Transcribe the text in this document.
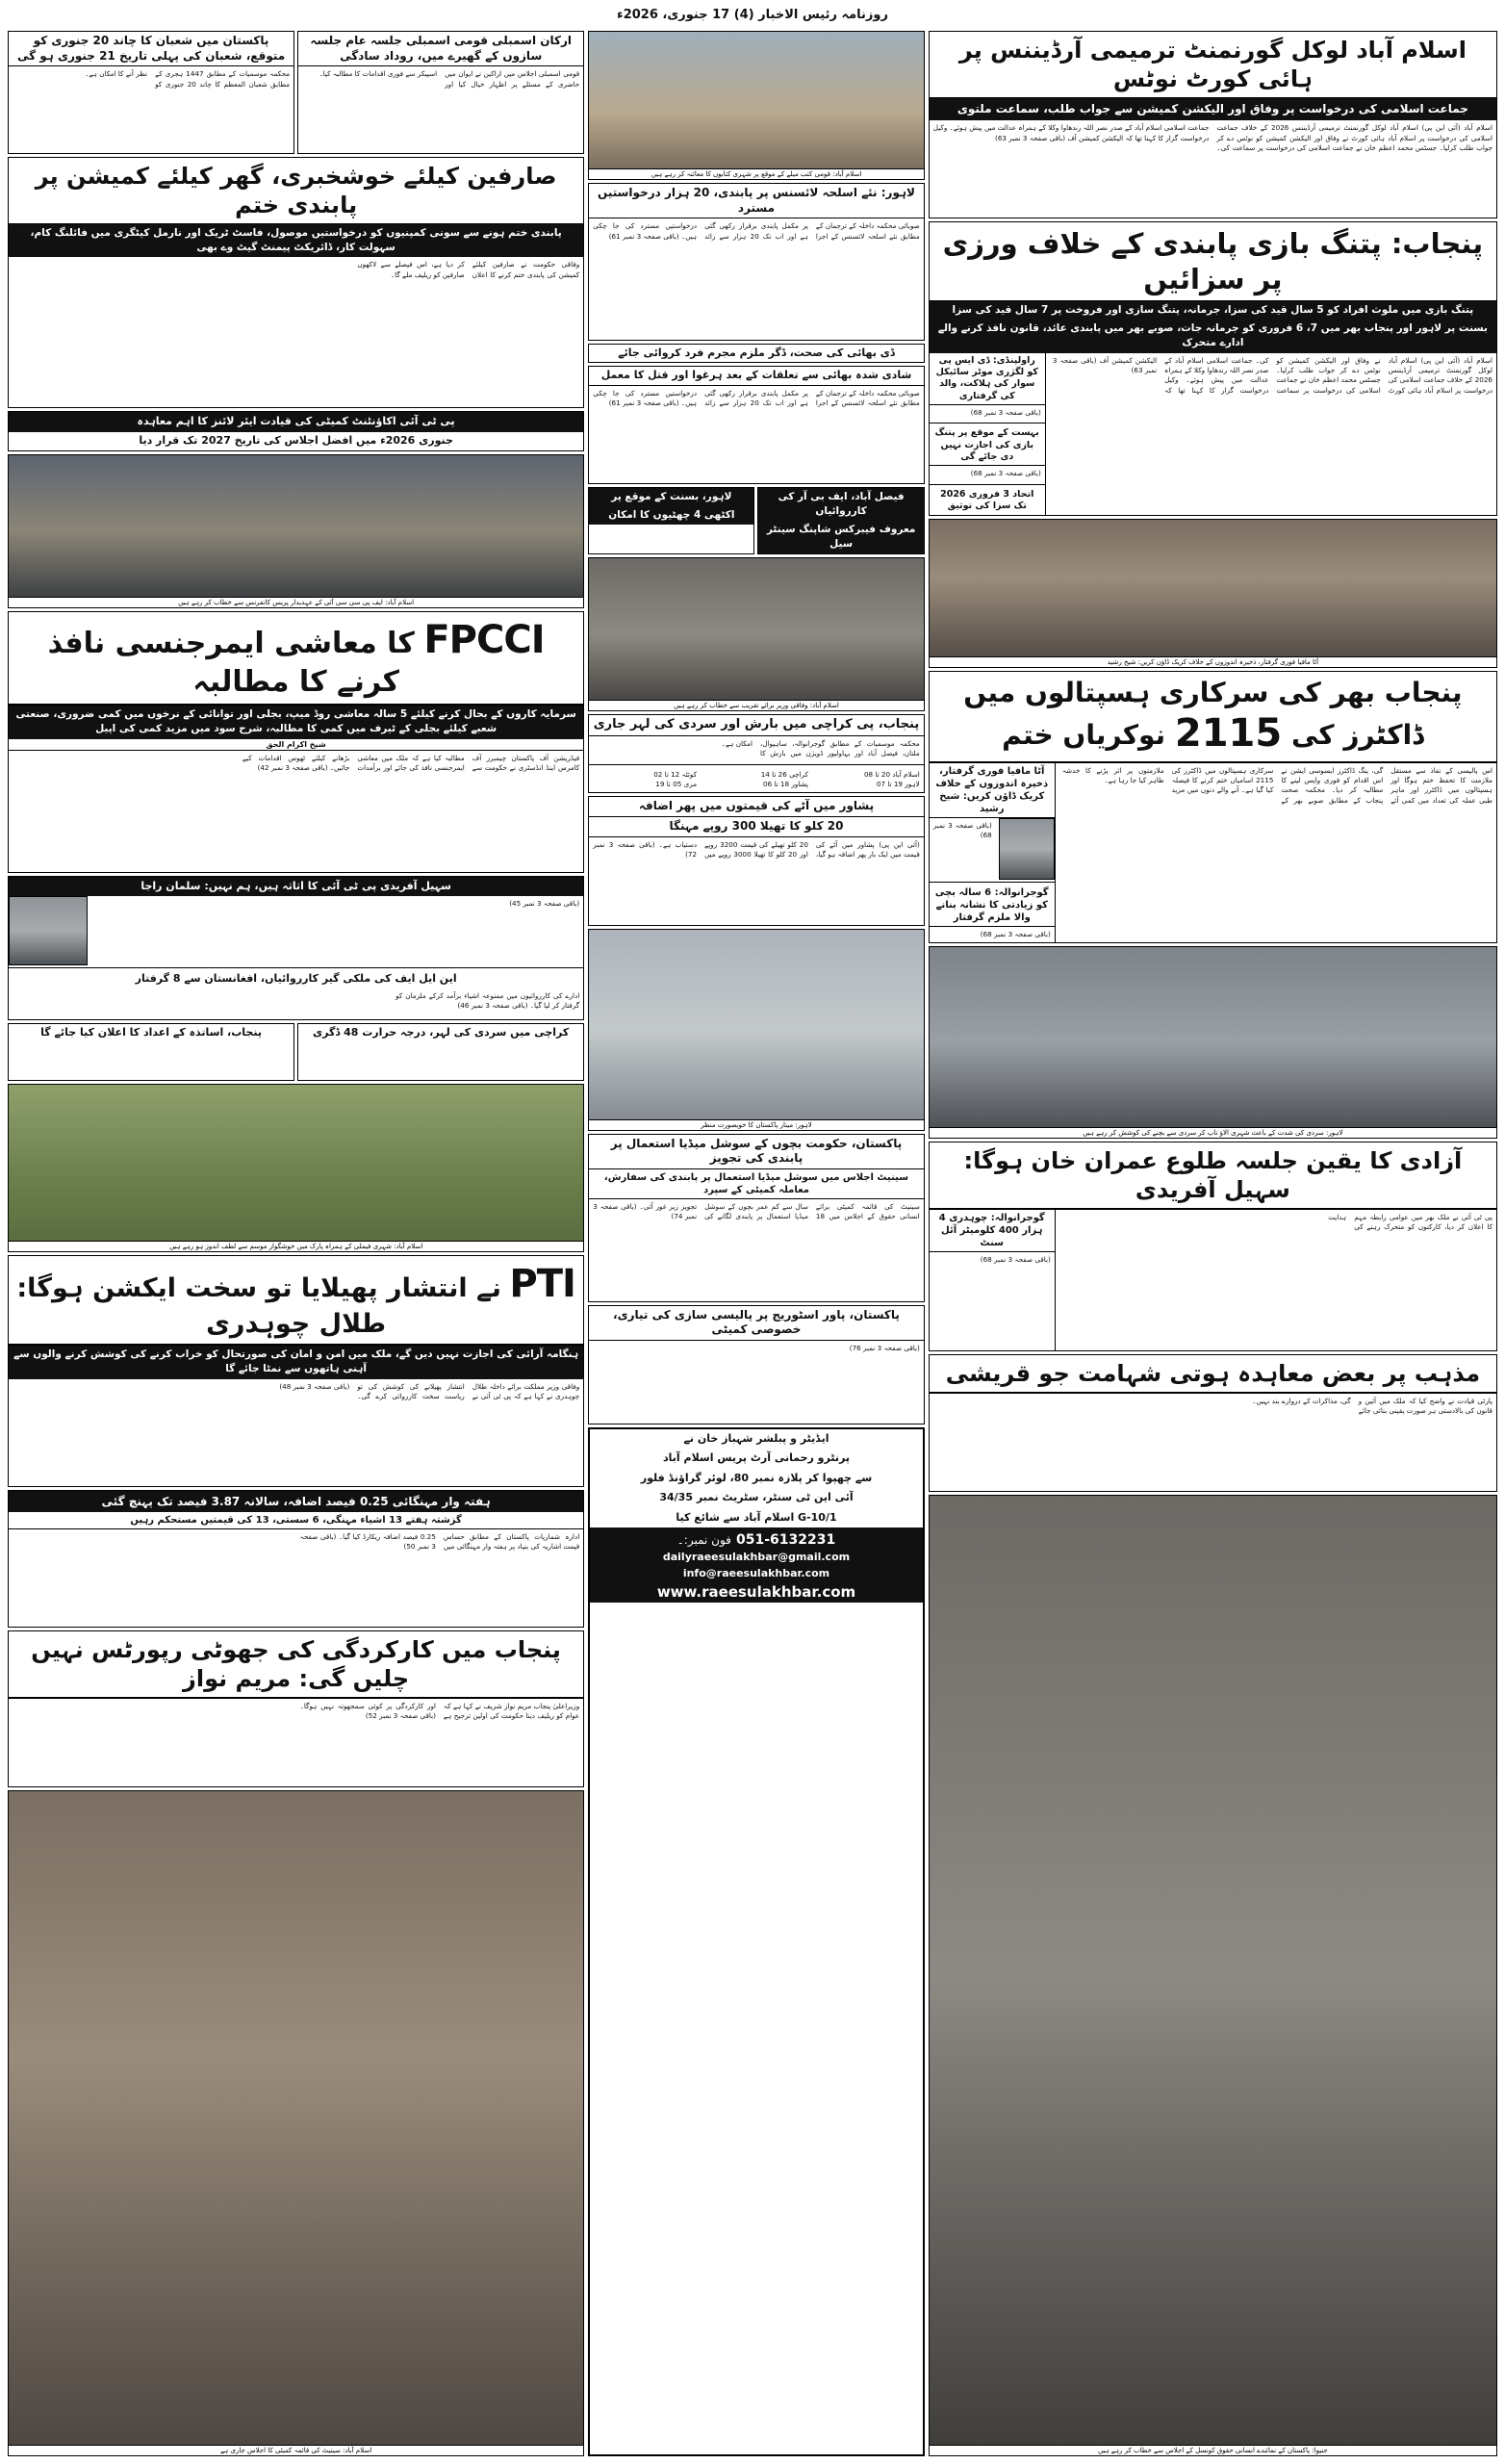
روزنامہ رئیس الاخبار (4) 17 جنوری، 2026ء
ارکان اسمبلی قومی اسمبلی جلسہ عام جلسہ سازوں کے گھیرے میں، روداد سادگی
قومی اسمبلی اجلاس میں اراکین نے ایوان میں حاضری کے مسئلے پر اظہار خیال کیا اور اسپیکر سے فوری اقدامات کا مطالبہ کیا۔
پاکستان میں شعبان کا چاند 20 جنوری کو متوقع، شعبان کی پہلی تاریخ 21 جنوری ہو گی
محکمہ موسمیات کے مطابق 1447 ہجری کے مطابق شعبان المعظم کا چاند 20 جنوری کو نظر آنے کا امکان ہے۔
صارفین کیلئے خوشخبری، گھر کیلئے کمیشن پر پابندی ختم
پابندی ختم ہونے سے سونی کمپنیوں کو درخواستیں موصول، فاسٹ ٹریک اور نارمل کیٹگری میں فائلنگ کام، سہولت کار، ڈائریکٹ پیمنٹ گیٹ وے بھی
وفاقی حکومت نے صارفین کیلئے کمیشن کی پابندی ختم کرنے کا اعلان کر دیا ہے، اس فیصلے سے لاکھوں صارفین کو ریلیف ملے گا۔
پی ٹی آئی اکاؤنٹنٹ کمیٹی کی قیادت ایئر لائنز کا اہم معاہدہ
جنوری 2026ء میں افضل اجلاس کی تاریخ 2027 تک قرار دیا
اسلام آباد: ایف پی سی سی آئی کے عہدیدار پریس کانفرنس سے خطاب کر رہے ہیں
FPCCI کا معاشی ایمرجنسی نافذ کرنے کا مطالبہ
سرمایہ کاروں کے بحال کرنے کیلئے 5 سالہ معاشی روڈ میپ، بجلی اور توانائی کے نرخوں میں کمی ضروری، صنعتی شعبے کیلئے بجلی کے ٹیرف میں کمی کا مطالبہ، شرح سود میں مزید کمی کی اپیل
شیخ اکرام الحق
فیڈریشن آف پاکستان چیمبرز آف کامرس اینڈ انڈسٹری نے حکومت سے مطالبہ کیا ہے کہ ملک میں معاشی ایمرجنسی نافذ کی جائے اور برآمدات بڑھانے کیلئے ٹھوس اقدامات کیے جائیں۔ (باقی صفحہ 3 نمبر 42)
سہیل آفریدی پی ٹی آئی کا اثاثہ ہیں، ہم نہیں: سلمان راجا
(باقی صفحہ 3 نمبر 45)
این ایل ایف کی ملکی گیر کارروائیاں، افغانستان سے 8 گرفتار
ادارے کی کارروائیوں میں ممنوعہ اشیاء برآمد کرکے ملزمان کو گرفتار کر لیا گیا۔ (باقی صفحہ 3 نمبر 46)
کراچی میں سردی کی لہر، درجہ حرارت 48 ڈگری
پنجاب، اساتذہ کے اعداد کا اعلان کیا جائے گا
اسلام آباد: شہری فیملی کے ہمراہ پارک میں خوشگوار موسم سے لطف اندوز ہو رہے ہیں
PTI نے انتشار پھیلایا تو سخت ایکشن ہوگا: طلال چوہدری
ہنگامہ آرائی کی اجازت نہیں دیں گے، ملک میں امن و امان کی صورتحال کو خراب کرنے کی کوشش کرنے والوں سے آہنی ہاتھوں سے نمٹا جائے گا
وفاقی وزیر مملکت برائے داخلہ طلال چوہدری نے کہا ہے کہ پی ٹی آئی نے انتشار پھیلانے کی کوشش کی تو ریاست سخت کارروائی کرے گی۔ (باقی صفحہ 3 نمبر 48)
ہفتہ وار مہنگائی 0.25 فیصد اضافہ، سالانہ 3.87 فیصد تک پہنچ گئی
گزشتہ ہفتے 13 اشیاء مہنگی، 6 سستی، 13 کی قیمتیں مستحکم رہیں
ادارہ شماریات پاکستان کے مطابق حساس قیمت اشاریہ کی بنیاد پر ہفتہ وار مہنگائی میں 0.25 فیصد اضافہ ریکارڈ کیا گیا۔ (باقی صفحہ 3 نمبر 50)
پنجاب میں کارکردگی کی جھوٹی رپورٹس نہیں چلیں گی: مریم نواز
وزیراعلیٰ پنجاب مریم نواز شریف نے کہا ہے کہ عوام کو ریلیف دینا حکومت کی اولین ترجیح ہے اور کارکردگی پر کوئی سمجھوتہ نہیں ہوگا۔ (باقی صفحہ 3 نمبر 52)
اسلام آباد: سینیٹ کی قائمہ کمیٹی کا اجلاس جاری ہے
اسلام آباد: قومی کتب میلے کے موقع پر شہری کتابوں کا معائنہ کر رہے ہیں
لاہور: نئے اسلحہ لائسنس پر پابندی، 20 ہزار درخواستیں مسترد
صوبائی محکمہ داخلہ کے ترجمان کے مطابق نئے اسلحہ لائسنس کے اجرا پر مکمل پابندی برقرار رکھی گئی ہے اور اب تک 20 ہزار سے زائد درخواستیں مسترد کی جا چکی ہیں۔ (باقی صفحہ 3 نمبر 61)
ڈی بھائی کی صحت، ڈگر ملزم مجرم فرد کروائی جائے
شادی شدہ بھائی سے تعلقات کے بعد ہرغوا اور قتل کا معمل
صوبائی محکمہ داخلہ کے ترجمان کے مطابق نئے اسلحہ لائسنس کے اجرا پر مکمل پابندی برقرار رکھی گئی ہے اور اب تک 20 ہزار سے زائد درخواستیں مسترد کی جا چکی ہیں۔ (باقی صفحہ 3 نمبر 61)
فیصل آباد، ایف بی آر کی کارروائیاں
معروف فیبرکس شاپنگ سینٹر سیل
لاہور، بسنت کے موقع پر
اکٹھی 4 چھٹیوں کا امکان
اسلام آباد: وفاقی وزیر برائے تقریب سے خطاب کر رہے ہیں
پنجاب، پی کراچی میں بارش اور سردی کی لہر جاری
محکمہ موسمیات کے مطابق گوجرانوالہ، ساہیوال، ملتان، فیصل آباد اور بہاولپور ڈویژن میں بارش کا امکان ہے۔
اسلام آباد 20 تا 08
لاہور 19 تا 07
کراچی 26 تا 14
پشاور 18 تا 06
کوئٹہ 12 تا 02
مری 05 تا 19
پشاور میں آٹے کی قیمتوں میں پھر اضافہ
20 کلو کا تھیلا 300 روپے مہنگا
(آئی این پی) پشاور میں آٹے کی قیمت میں ایک بار پھر اضافہ ہو گیا، 20 کلو تھیلے کی قیمت 3200 روپے اور 20 کلو کا تھیلا 3000 روپے میں دستیاب ہے۔ (باقی صفحہ 3 نمبر 72)
لاہور: مینار پاکستان کا خوبصورت منظر
پاکستان، حکومت بچوں کے سوشل میڈیا استعمال پر پابندی کی تجویز
سینیٹ اجلاس میں سوشل میڈیا استعمال پر پابندی کی سفارش، معاملہ کمیٹی کے سپرد
سینیٹ کی قائمہ کمیٹی برائے انسانی حقوق کے اجلاس میں 18 سال سے کم عمر بچوں کے سوشل میڈیا استعمال پر پابندی لگانے کی تجویز زیر غور آئی۔ (باقی صفحہ 3 نمبر 74)
پاکستان، پاور اسٹوریج پر پالیسی سازی کی تیاری، خصوصی کمیٹی
(باقی صفحہ 3 نمبر 76)
ایڈیٹر و پبلشر شہباز خان نے
پرنٹرو رحمانی آرٹ پریس اسلام آباد
سے چھپوا کر پلازہ نمبر 80، لوئر گراؤنڈ فلور
آئی این ٹی سنٹر، سٹریٹ نمبر 34/35
G-10/1 اسلام آباد سے شائع کیا
051-6132231 فون نمبر:۔
dailyraeesulakhbar@gmail.com
info@raeesulakhbar.com
www.raeesulakhbar.com
اسلام آباد لوکل گورنمنٹ ترمیمی آرڈیننس پر ہائی کورٹ نوٹس
جماعت اسلامی کی درخواست پر وفاق اور الیکشن کمیشن سے جواب طلب، سماعت ملتوی
اسلام آباد (آئی این پی) اسلام آباد لوکل گورنمنٹ ترمیمی آرڈیننس 2026 کے خلاف جماعت اسلامی کی درخواست پر اسلام آباد ہائی کورٹ نے وفاق اور الیکشن کمیشن کو نوٹس دے کر جواب طلب کرلیا۔ جسٹس محمد اعظم خان نے جماعت اسلامی کی درخواست پر سماعت کی۔ جماعت اسلامی اسلام آباد کے صدر نصر اللہ رندھاوا وکلا کے ہمراہ عدالت میں پیش ہوئے۔ وکیل درخواست گزار کا کہنا تھا کہ الیکشن کمیشن آف (باقی صفحہ 3 نمبر 63)
پنجاب: پتنگ بازی پابندی کے خلاف ورزی پر سزائیں
پتنگ بازی میں ملوث افراد کو 5 سال قید کی سزا، جرمانہ، پتنگ سازی اور فروخت پر 7 سال قید کی سزا
بسنت پر لاہور اور پنجاب بھر میں 7، 6 فروری کو جرمانہ جات، صوبے بھر میں پابندی عائد، قانون نافذ کرنے والے ادارے متحرک
اسلام آباد (آئی این پی) اسلام آباد لوکل گورنمنٹ ترمیمی آرڈیننس 2026 کے خلاف جماعت اسلامی کی درخواست پر اسلام آباد ہائی کورٹ نے وفاق اور الیکشن کمیشن کو نوٹس دے کر جواب طلب کرلیا۔ جسٹس محمد اعظم خان نے جماعت اسلامی کی درخواست پر سماعت کی۔ جماعت اسلامی اسلام آباد کے صدر نصر اللہ رندھاوا وکلا کے ہمراہ عدالت میں پیش ہوئے۔ وکیل درخواست گزار کا کہنا تھا کہ الیکشن کمیشن آف (باقی صفحہ 3 نمبر 63)
راولپنڈی: ڈی ایس پی کو لگژری موٹر سائیکل سوار کی ہلاکت، والد کی گرفتاری
(باقی صفحہ 3 نمبر 68)
بہست کے موقع پر پتنگ بازی کی اجازت نہیں دی جائے گی
(باقی صفحہ 3 نمبر 68)
اتحاد 3 فروری 2026 تک سزا کی توثیق
آٹا مافیا فوری گرفتار، ذخیرہ اندوزوں کے خلاف کریک ڈاؤن کریں: شیخ رشید
پنجاب بھر کی سرکاری ہسپتالوں میں ڈاکٹرز کی 2115 نوکریاں ختم
اس پالیسی کے نفاذ سے مستقل ملازمت کا تحفظ ختم ہوگا اور ہسپتالوں میں ڈاکٹرز اور ماہر طبی عملہ کی تعداد میں کمی آئے گی، ینگ ڈاکٹرز ایسوسی ایشن نے اس اقدام کو فوری واپس لینے کا مطالبہ کر دیا۔ محکمہ صحت پنجاب کے مطابق صوبے بھر کے سرکاری ہسپتالوں میں ڈاکٹرز کی 2115 اسامیاں ختم کرنے کا فیصلہ کیا گیا ہے۔ آنے والے دنوں میں مزید ملازمتوں پر اثر پڑنے کا خدشہ ظاہر کیا جا رہا ہے۔
آٹا مافیا فوری گرفتار، ذخیرہ اندوزوں کے خلاف کریک ڈاؤن کریں: شیخ رشید
(باقی صفحہ 3 نمبر 68)
گوجرانوالہ: 6 سالہ بچی کو زیادتی کا نشانہ بنانے والا ملزم گرفتار
(باقی صفحہ 3 نمبر 68)
لاہور: سردی کی شدت کے باعث شہری الاؤ تاپ کر سردی سے بچنے کی کوشش کر رہے ہیں
آزادی کا یقین جلسہ طلوع عمران خان ہوگا: سہیل آفریدی
پی ٹی آئی نے ملک بھر میں عوامی رابطہ مہم کا اعلان کر دیا، کارکنوں کو متحرک رہنے کی ہدایت
گوجرانوالہ: چوہدری 4 ہزار 400 کلومیٹر آئل سنٹ
(باقی صفحہ 3 نمبر 68)
مذہب پر بعض معاہدہ ہوتی شہامت جو قریشی
پارٹی قیادت نے واضح کیا کہ ملک میں آئین و قانون کی بالادستی ہر صورت یقینی بنائی جائے گی، مذاکرات کے دروازے بند نہیں۔
جنیوا: پاکستان کے نمائندے انسانی حقوق کونسل کے اجلاس سے خطاب کر رہے ہیں
